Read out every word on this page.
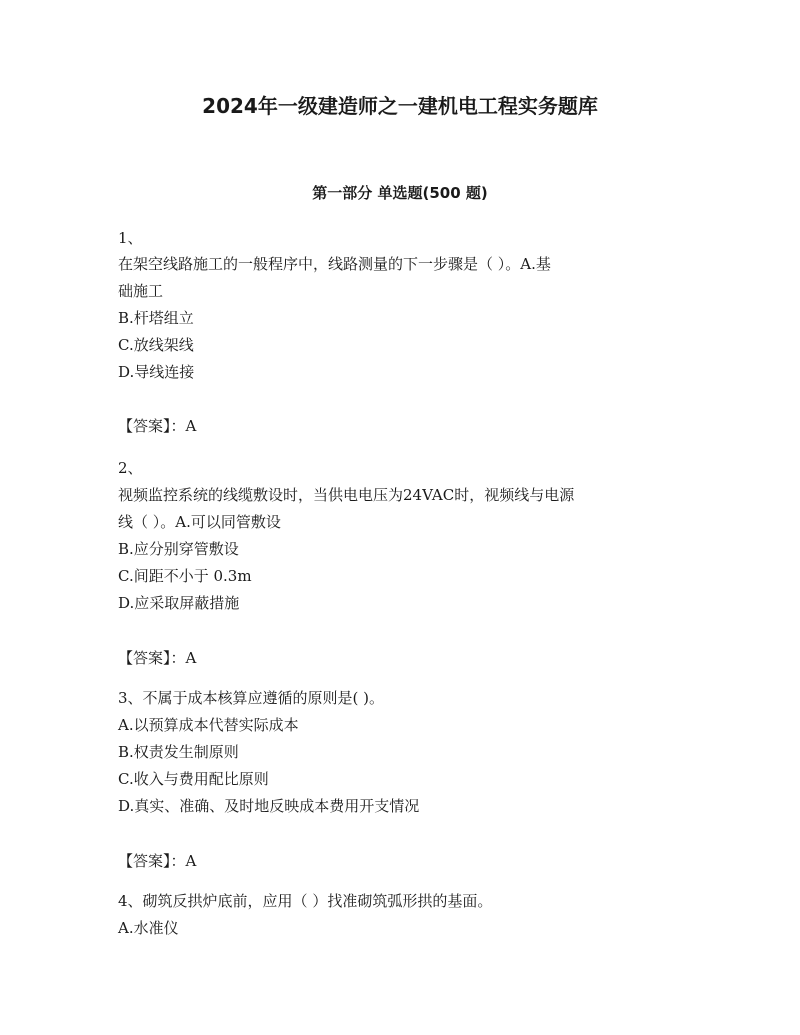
2024年一级建造师之一建机电工程实务题库
第一部分 单选题(500 题)
1、
在架空线路施工的一般程序中，线路测量的下一步骤是（ ）。A.基
础施工
B.杆塔组立
C.放线架线
D.导线连接
【答案】：A
2、
视频监控系统的线缆敷设时，当供电电压为24VAC时，视频线与电源
线（ ）。A.可以同管敷设
B.应分别穿管敷设
C.间距不小于 0.3m
D.应采取屏蔽措施
【答案】：A
3、不属于成本核算应遵循的原则是( )。
A.以预算成本代替实际成本
B.权责发生制原则
C.收入与费用配比原则
D.真实、准确、及时地反映成本费用开支情况
【答案】：A
4、砌筑反拱炉底前，应用（ ）找准砌筑弧形拱的基面。
A.水准仪
